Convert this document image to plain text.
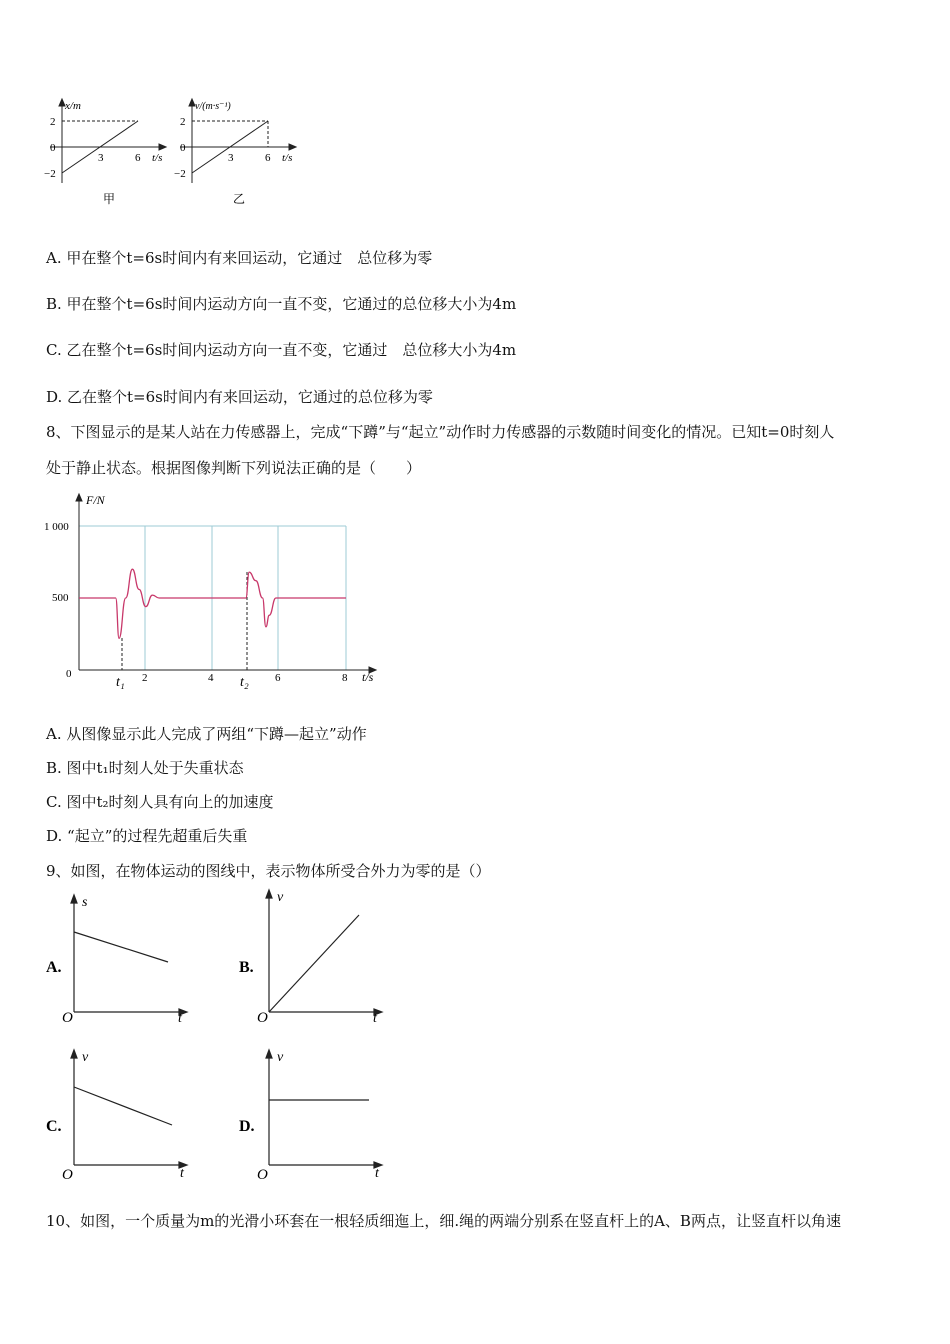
x/m
2
0
−2
3	6 t/s
甲
v/(m·s⁻¹)
2
0
−2
3	6 t/s
乙
A. 甲在整个t=6s时间内有来回运动，它通过　总位移为零
B. 甲在整个t=6s时间内运动方向一直不变，它通过的总位移大小为4m
C. 乙在整个t=6s时间内运动方向一直不变，它通过　总位移大小为4m
D. 乙在整个t=6s时间内有来回运动，它通过的总位移为零
8、下图显示的是某人站在力传感器上，完成“下蹲”与“起立”动作时力传感器的示数随时间变化的情况。已知t=0时刻人
处于静止状态。根据图像判断下列说法正确的是（　　）
F/N
1 000
500
0	2	4	6	8 t/s
t₁	t₂
A. 从图像显示此人完成了两组“下蹲—起立”动作
B. 图中t₁时刻人处于失重状态
C. 图中t₂时刻人具有向上的加速度
D. “起立”的过程先超重后失重
9、如图，在物体运动的图线中，表示物体所受合外力为零的是（）
A.
s
t
O
B.
v
t
O
C.
v
t
O
D.
v
t
O
10、如图，一个质量为m的光滑小环套在一根轻质细迤上，细.绳的两端分别系在竖直杆上的A、B两点，让竖直杆以角速
